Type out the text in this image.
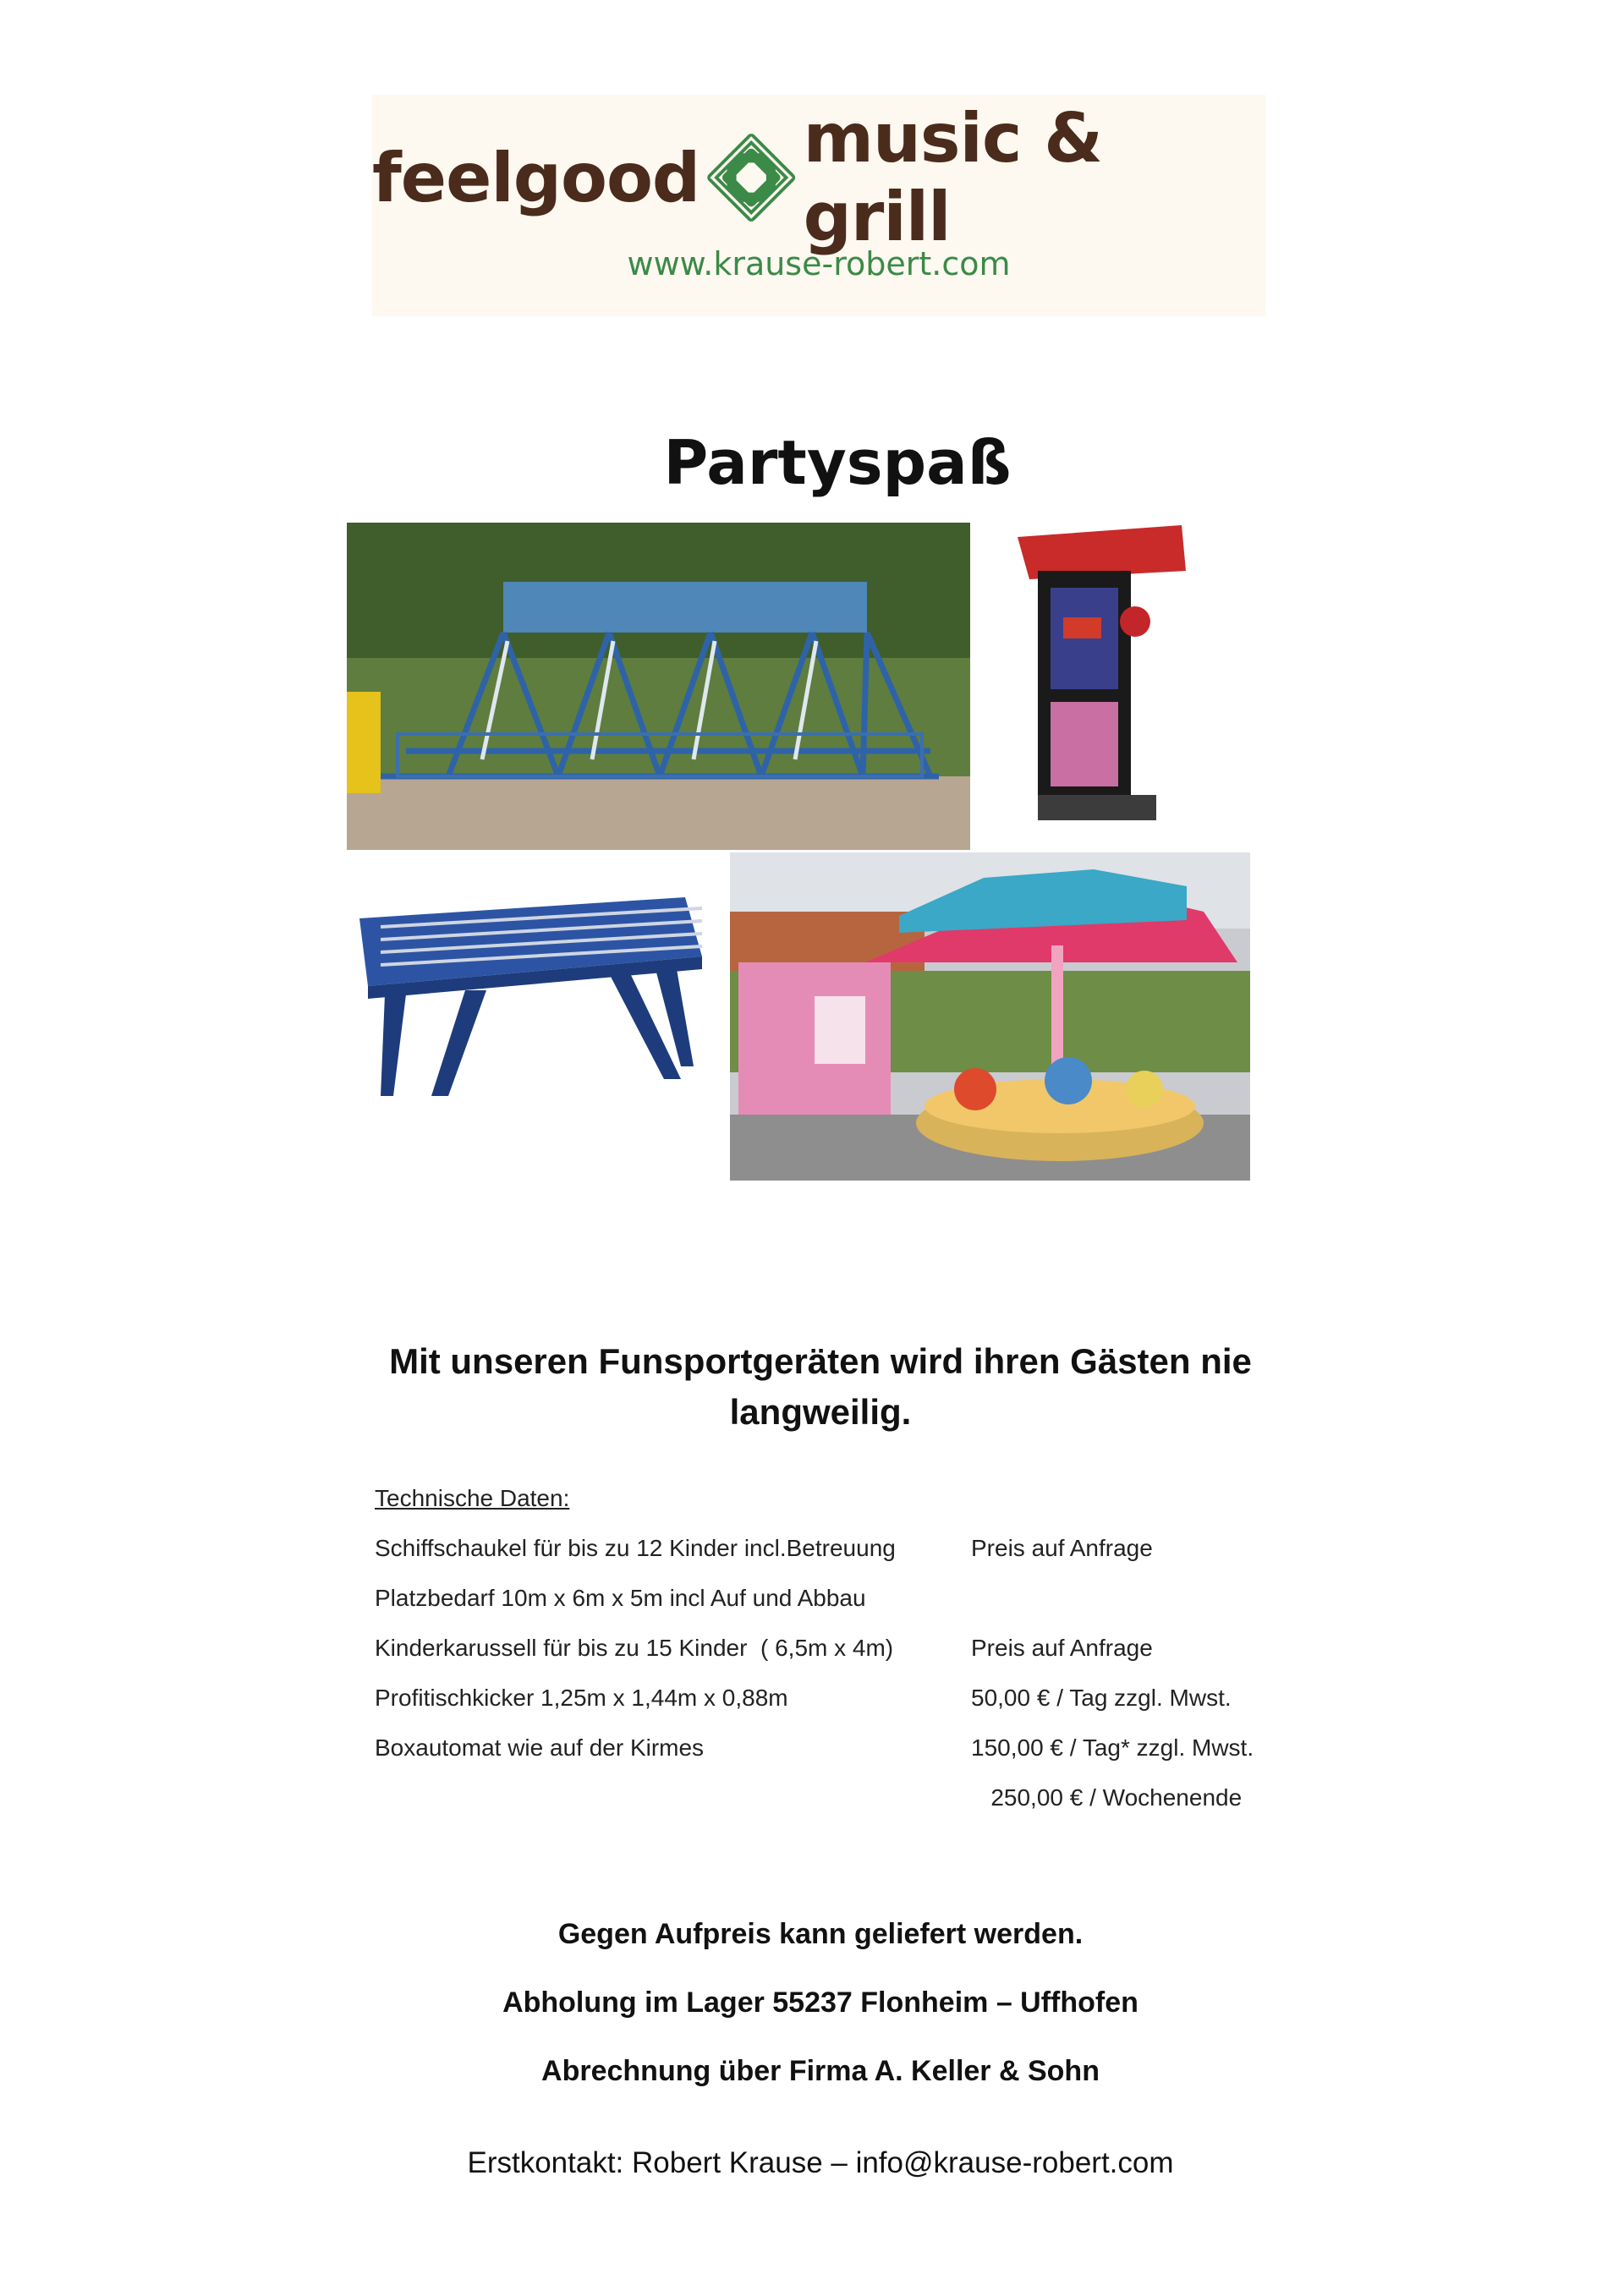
feelgood music & grill
www.krause-robert.com
Partyspaß
Mit unseren Funsportgeräten wird ihren Gästen nie langweilig.
Technische Daten:
Schiffschaukel für bis zu 12 Kinder incl.Betreuung	Preis auf Anfrage
Platzbedarf 10m x 6m x 5m incl Auf und Abbau
Kinderkarussell für bis zu 15 Kinder  ( 6,5m x 4m)	Preis auf Anfrage
Profitischkicker 1,25m x 1,44m x 0,88m	50,00 € / Tag zzgl. Mwst.
Boxautomat wie auf der Kirmes	150,00 € / Tag* zzgl. Mwst.
250,00 € / Wochenende
Gegen Aufpreis kann geliefert werden.
Abholung im Lager 55237 Flonheim – Uffhofen
Abrechnung über Firma A. Keller & Sohn
Erstkontakt: Robert Krause – info@krause-robert.com
